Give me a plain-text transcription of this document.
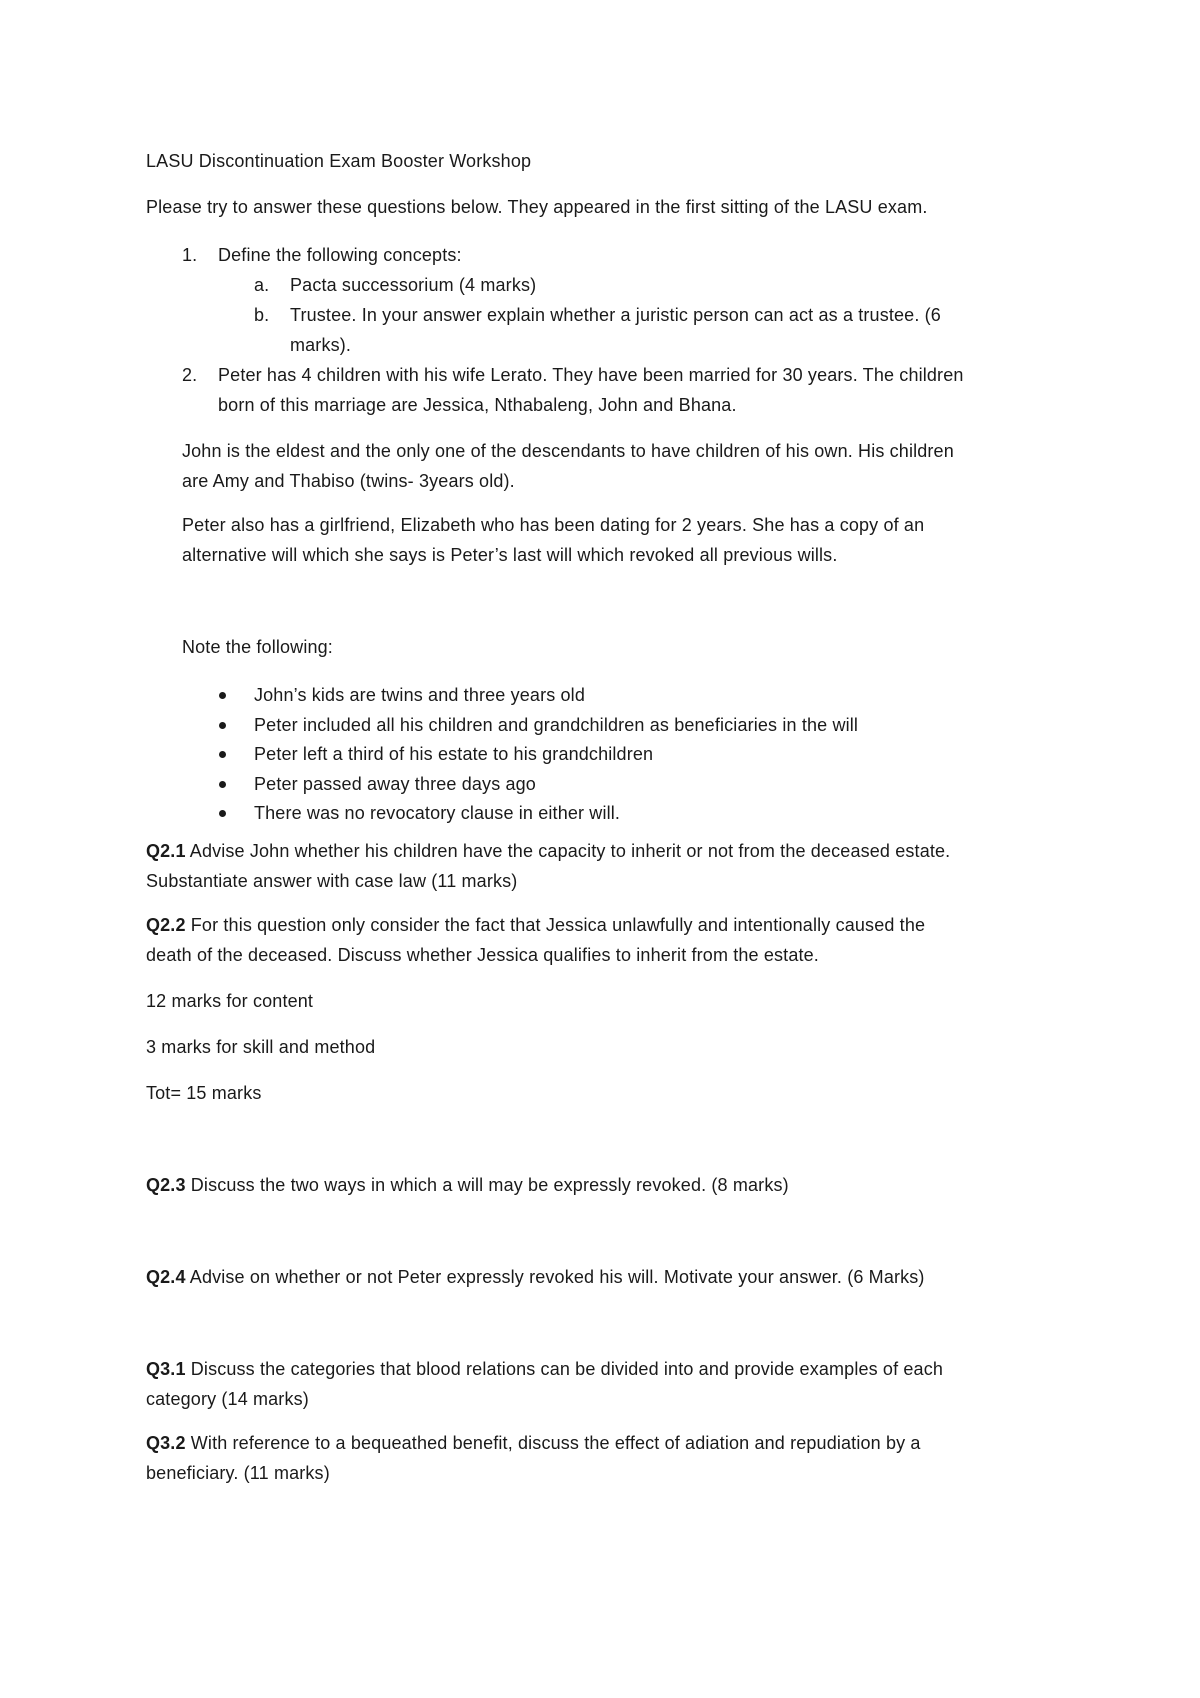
LASU Discontinuation Exam Booster Workshop
Please try to answer these questions below. They appeared in the first sitting of the LASU exam.
1. Define the following concepts:
a. Pacta successorium (4 marks)
b. Trustee. In your answer explain whether a juristic person can act as a trustee. (6
marks).
2. Peter has 4 children with his wife Lerato. They have been married for 30 years. The children
born of this marriage are Jessica, Nthabaleng, John and Bhana.
John is the eldest and the only one of the descendants to have children of his own. His children
are Amy and Thabiso (twins- 3years old).
Peter also has a girlfriend, Elizabeth who has been dating for 2 years. She has a copy of an
alternative will which she says is Peter’s last will which revoked all previous wills.
Note the following:
John’s kids are twins and three years old
Peter included all his children and grandchildren as beneficiaries in the will
Peter left a third of his estate to his grandchildren
Peter passed away three days ago
There was no revocatory clause in either will.
Q2.1 Advise John whether his children have the capacity to inherit or not from the deceased estate.
Substantiate answer with case law (11 marks)
Q2.2 For this question only consider the fact that Jessica unlawfully and intentionally caused the
death of the deceased. Discuss whether Jessica qualifies to inherit from the estate.
12 marks for content
3 marks for skill and method
Tot= 15 marks
Q2.3 Discuss the two ways in which a will may be expressly revoked. (8 marks)
Q2.4 Advise on whether or not Peter expressly revoked his will. Motivate your answer. (6 Marks)
Q3.1 Discuss the categories that blood relations can be divided into and provide examples of each
category (14 marks)
Q3.2 With reference to a bequeathed benefit, discuss the effect of adiation and repudiation by a
beneficiary. (11 marks)
